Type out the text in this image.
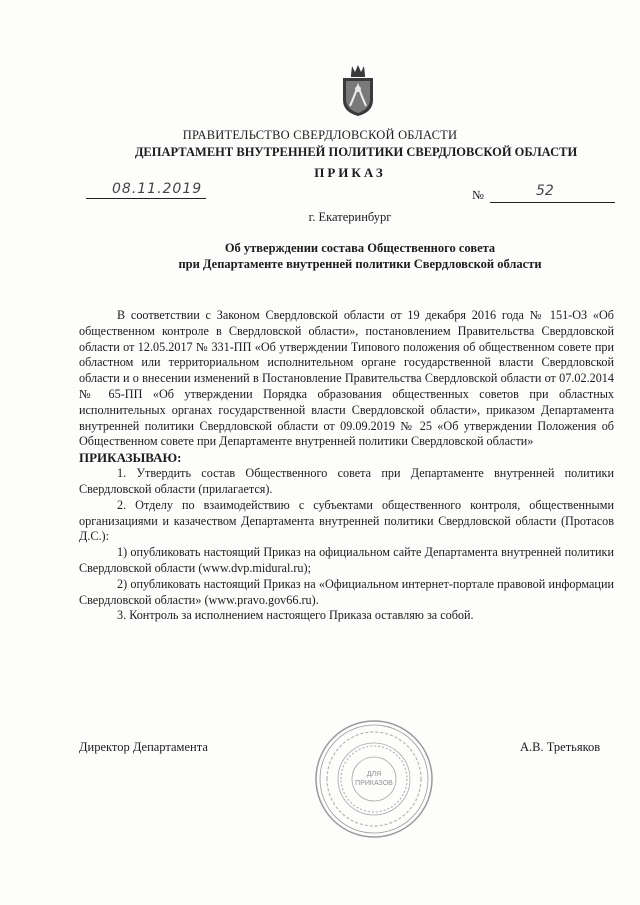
ПРАВИТЕЛЬСТВО СВЕРДЛОВСКОЙ ОБЛАСТИ
ДЕПАРТАМЕНТ ВНУТРЕННЕЙ ПОЛИТИКИ СВЕРДЛОВСКОЙ ОБЛАСТИ
ПРИКАЗ
08.11.2019	№	52
г. Екатеринбург
Об утверждении состава Общественного совета
при Департаменте внутренней политики Свердловской области

В соответствии с Законом Свердловской области от 19 декабря 2016 года № 151-ОЗ «Об общественном контроле в Свердловской области», постановлением Правительства Свердловской области от 12.05.2017 № 331-ПП «Об утверждении Типового положения об общественном совете при областном или территориальном исполнительном органе государственной власти Свердловской области и о внесении изменений в Постановление Правительства Свердловской области от 07.02.2014 № 65-ПП «Об утверждении Порядка образования общественных советов при областных исполнительных органах государственной власти Свердловской области», приказом Департамента внутренней политики Свердловской области от 09.09.2019 № 25 «Об утверждении Положения об Общественном совете при Департаменте внутренней политики Свердловской области»

ПРИКАЗЫВАЮ:

1. Утвердить состав Общественного совета при Департаменте внутренней политики Свердловской области (прилагается).

2. Отделу по взаимодействию с субъектами общественного контроля, общественными организациями и казачеством Департамента внутренней политики Свердловской области (Протасов Д.С.):

1) опубликовать настоящий Приказ на официальном сайте Департамента внутренней политики Свердловской области (www.dvp.midural.ru);

2) опубликовать настоящий Приказ на «Официальном интернет-портале правовой информации Свердловской области» (www.pravo.gov66.ru).

3. Контроль за исполнением настоящего Приказа оставляю за собой.

Директор Департамента	А.В. Третьяков
ДЛЯ
ПРИКАЗОВ
